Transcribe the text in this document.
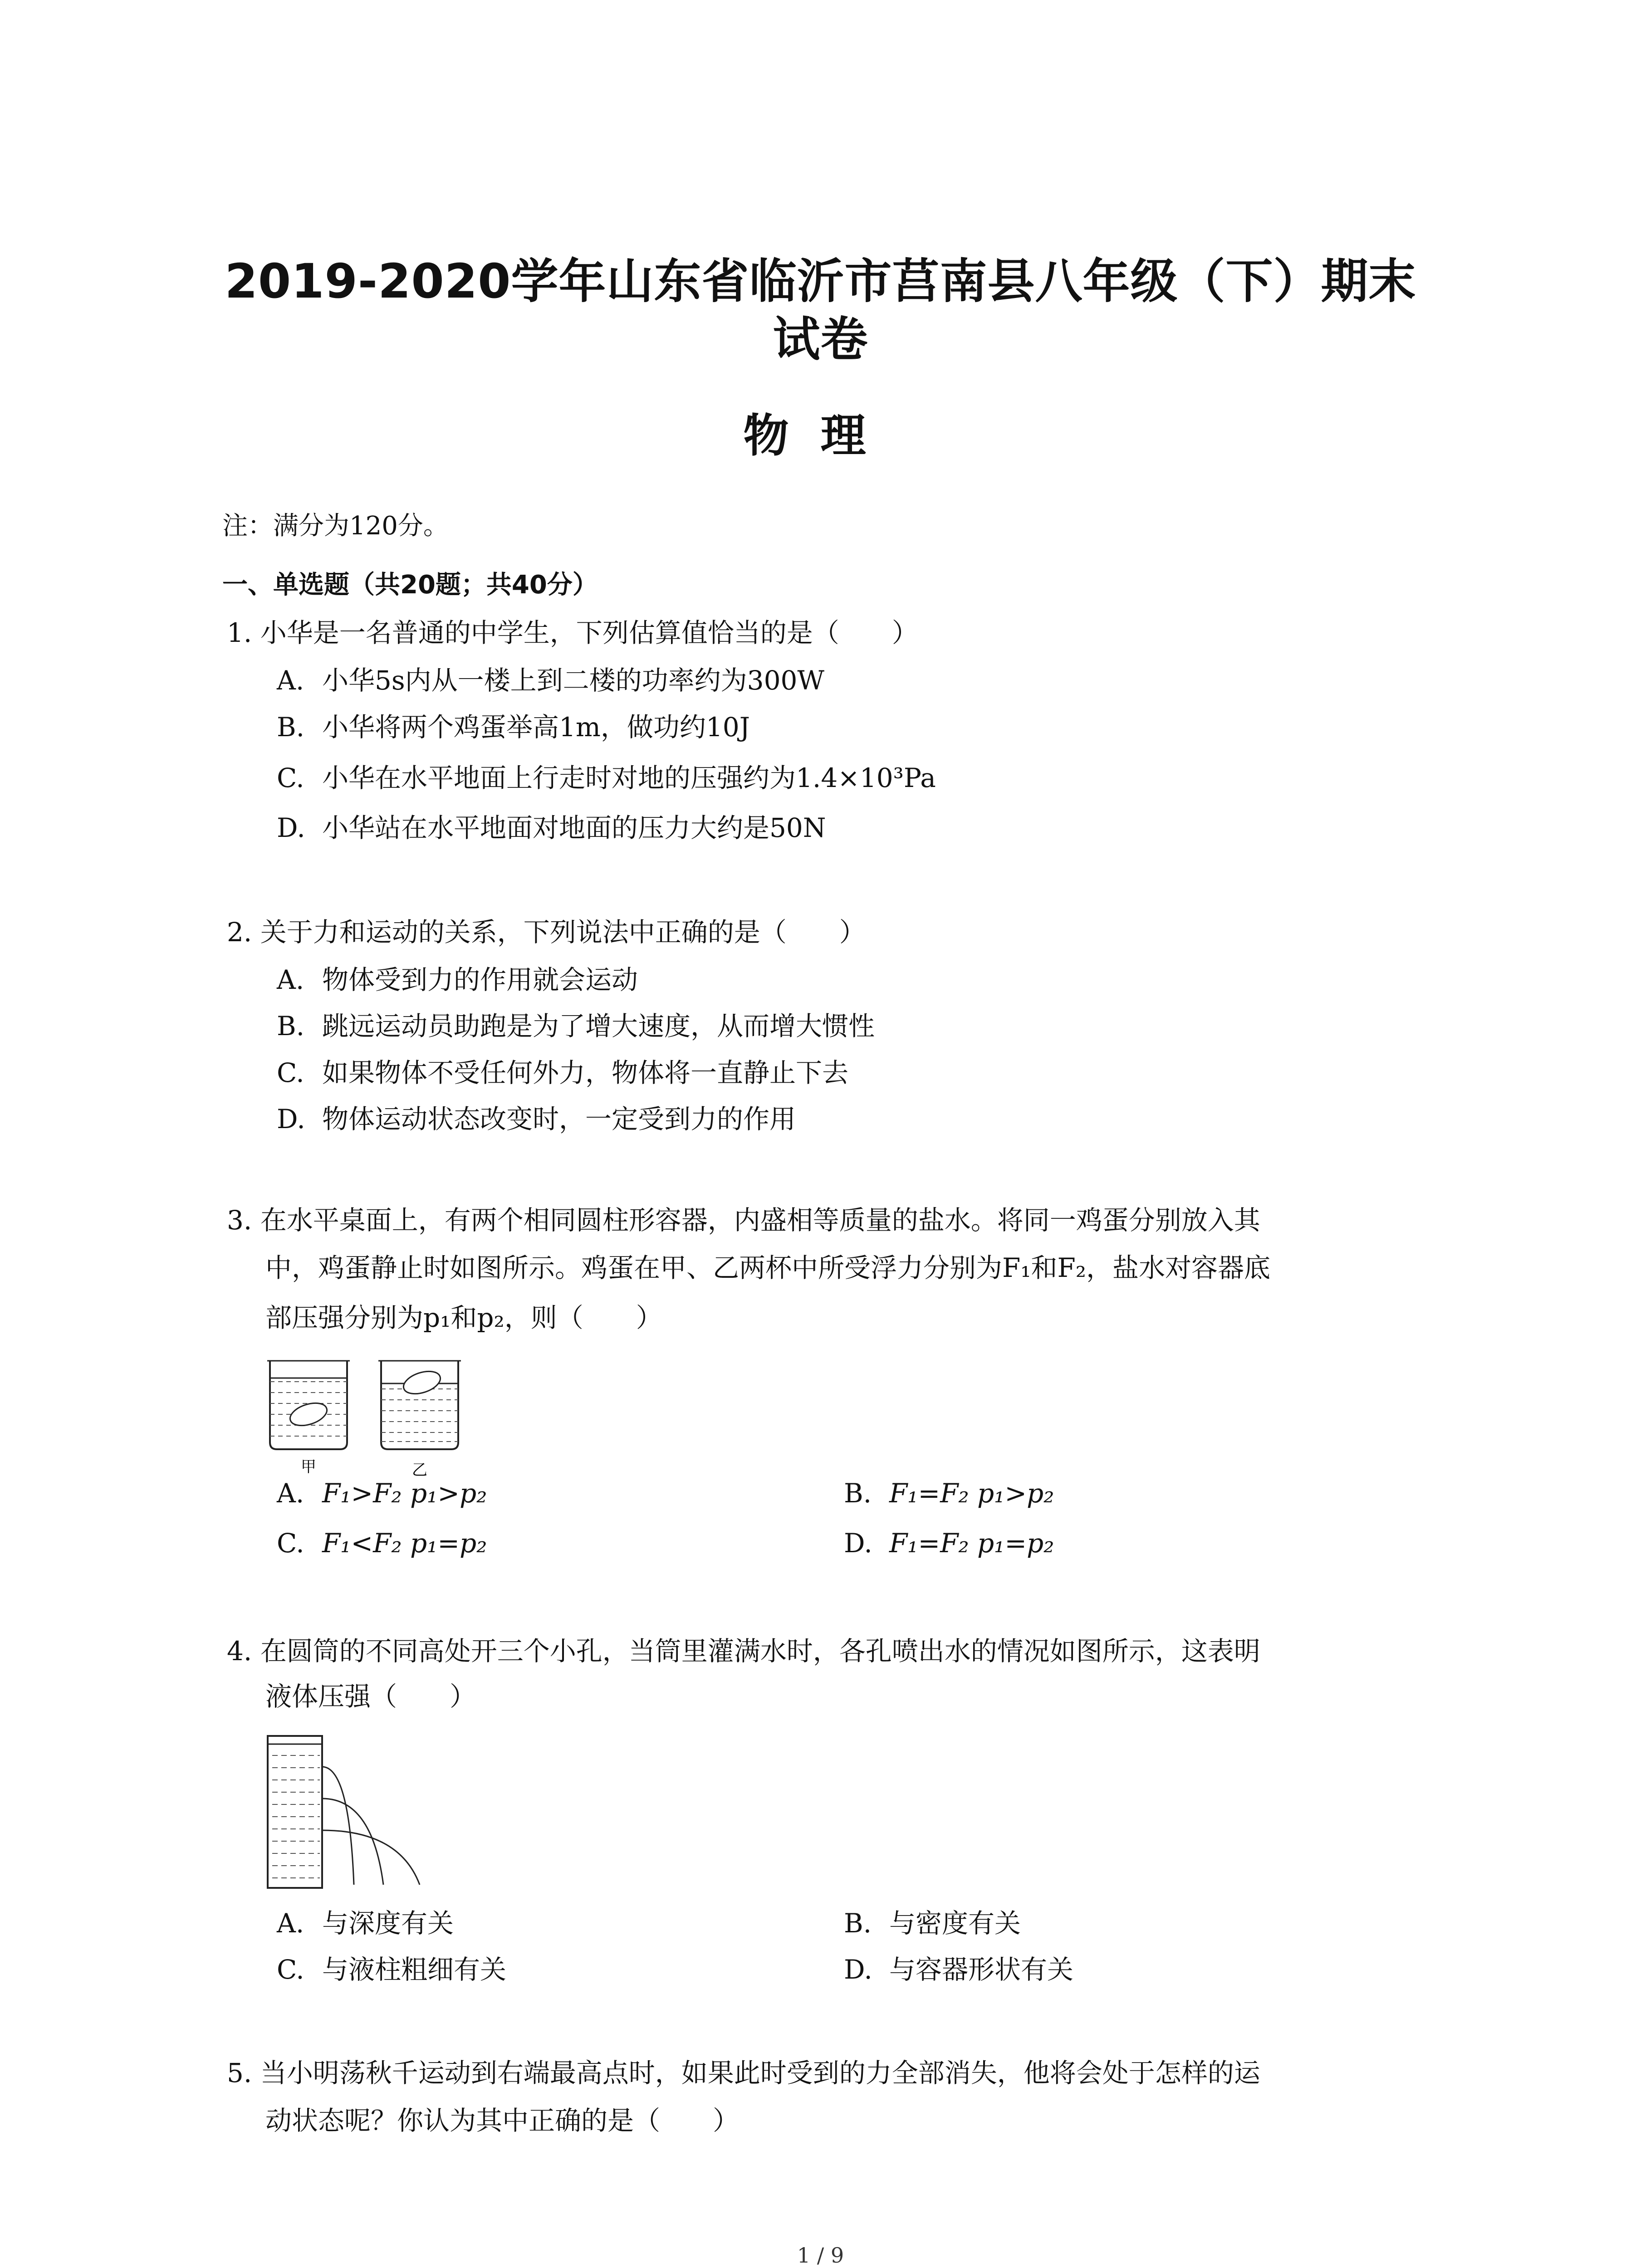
2019-2020学年山东省临沂市莒南县八年级（下）期末
试卷
物理
注：满分为120分。
一、单选题（共20题；共40分）
1. 小华是一名普通的中学生，下列估算值恰当的是（　　）
A. 小华5s内从一楼上到二楼的功率约为300W
B. 小华将两个鸡蛋举高1m，做功约10J
C. 小华在水平地面上行走时对地的压强约为1.4×10³Pa
D. 小华站在水平地面对地面的压力大约是50N
2. 关于力和运动的关系，下列说法中正确的是（　　）
A. 物体受到力的作用就会运动
B. 跳远运动员助跑是为了增大速度，从而增大惯性
C. 如果物体不受任何外力，物体将一直静止下去
D. 物体运动状态改变时，一定受到力的作用
3. 在水平桌面上，有两个相同圆柱形容器，内盛相等质量的盐水。将同一鸡蛋分别放入其
中，鸡蛋静止时如图所示。鸡蛋在甲、乙两杯中所受浮力分别为F₁和F₂，盐水对容器底
部压强分别为p₁和p₂，则（　　）
甲	乙
A. F₁>F₂ p₁>p₂	B. F₁=F₂ p₁>p₂
C. F₁<F₂ p₁=p₂	D. F₁=F₂ p₁=p₂
4. 在圆筒的不同高处开三个小孔，当筒里灌满水时，各孔喷出水的情况如图所示，这表明
液体压强（　　）
A. 与深度有关	B. 与密度有关
C. 与液柱粗细有关	D. 与容器形状有关
5. 当小明荡秋千运动到右端最高点时，如果此时受到的力全部消失，他将会处于怎样的运
动状态呢？你认为其中正确的是（　　）
1 / 9
